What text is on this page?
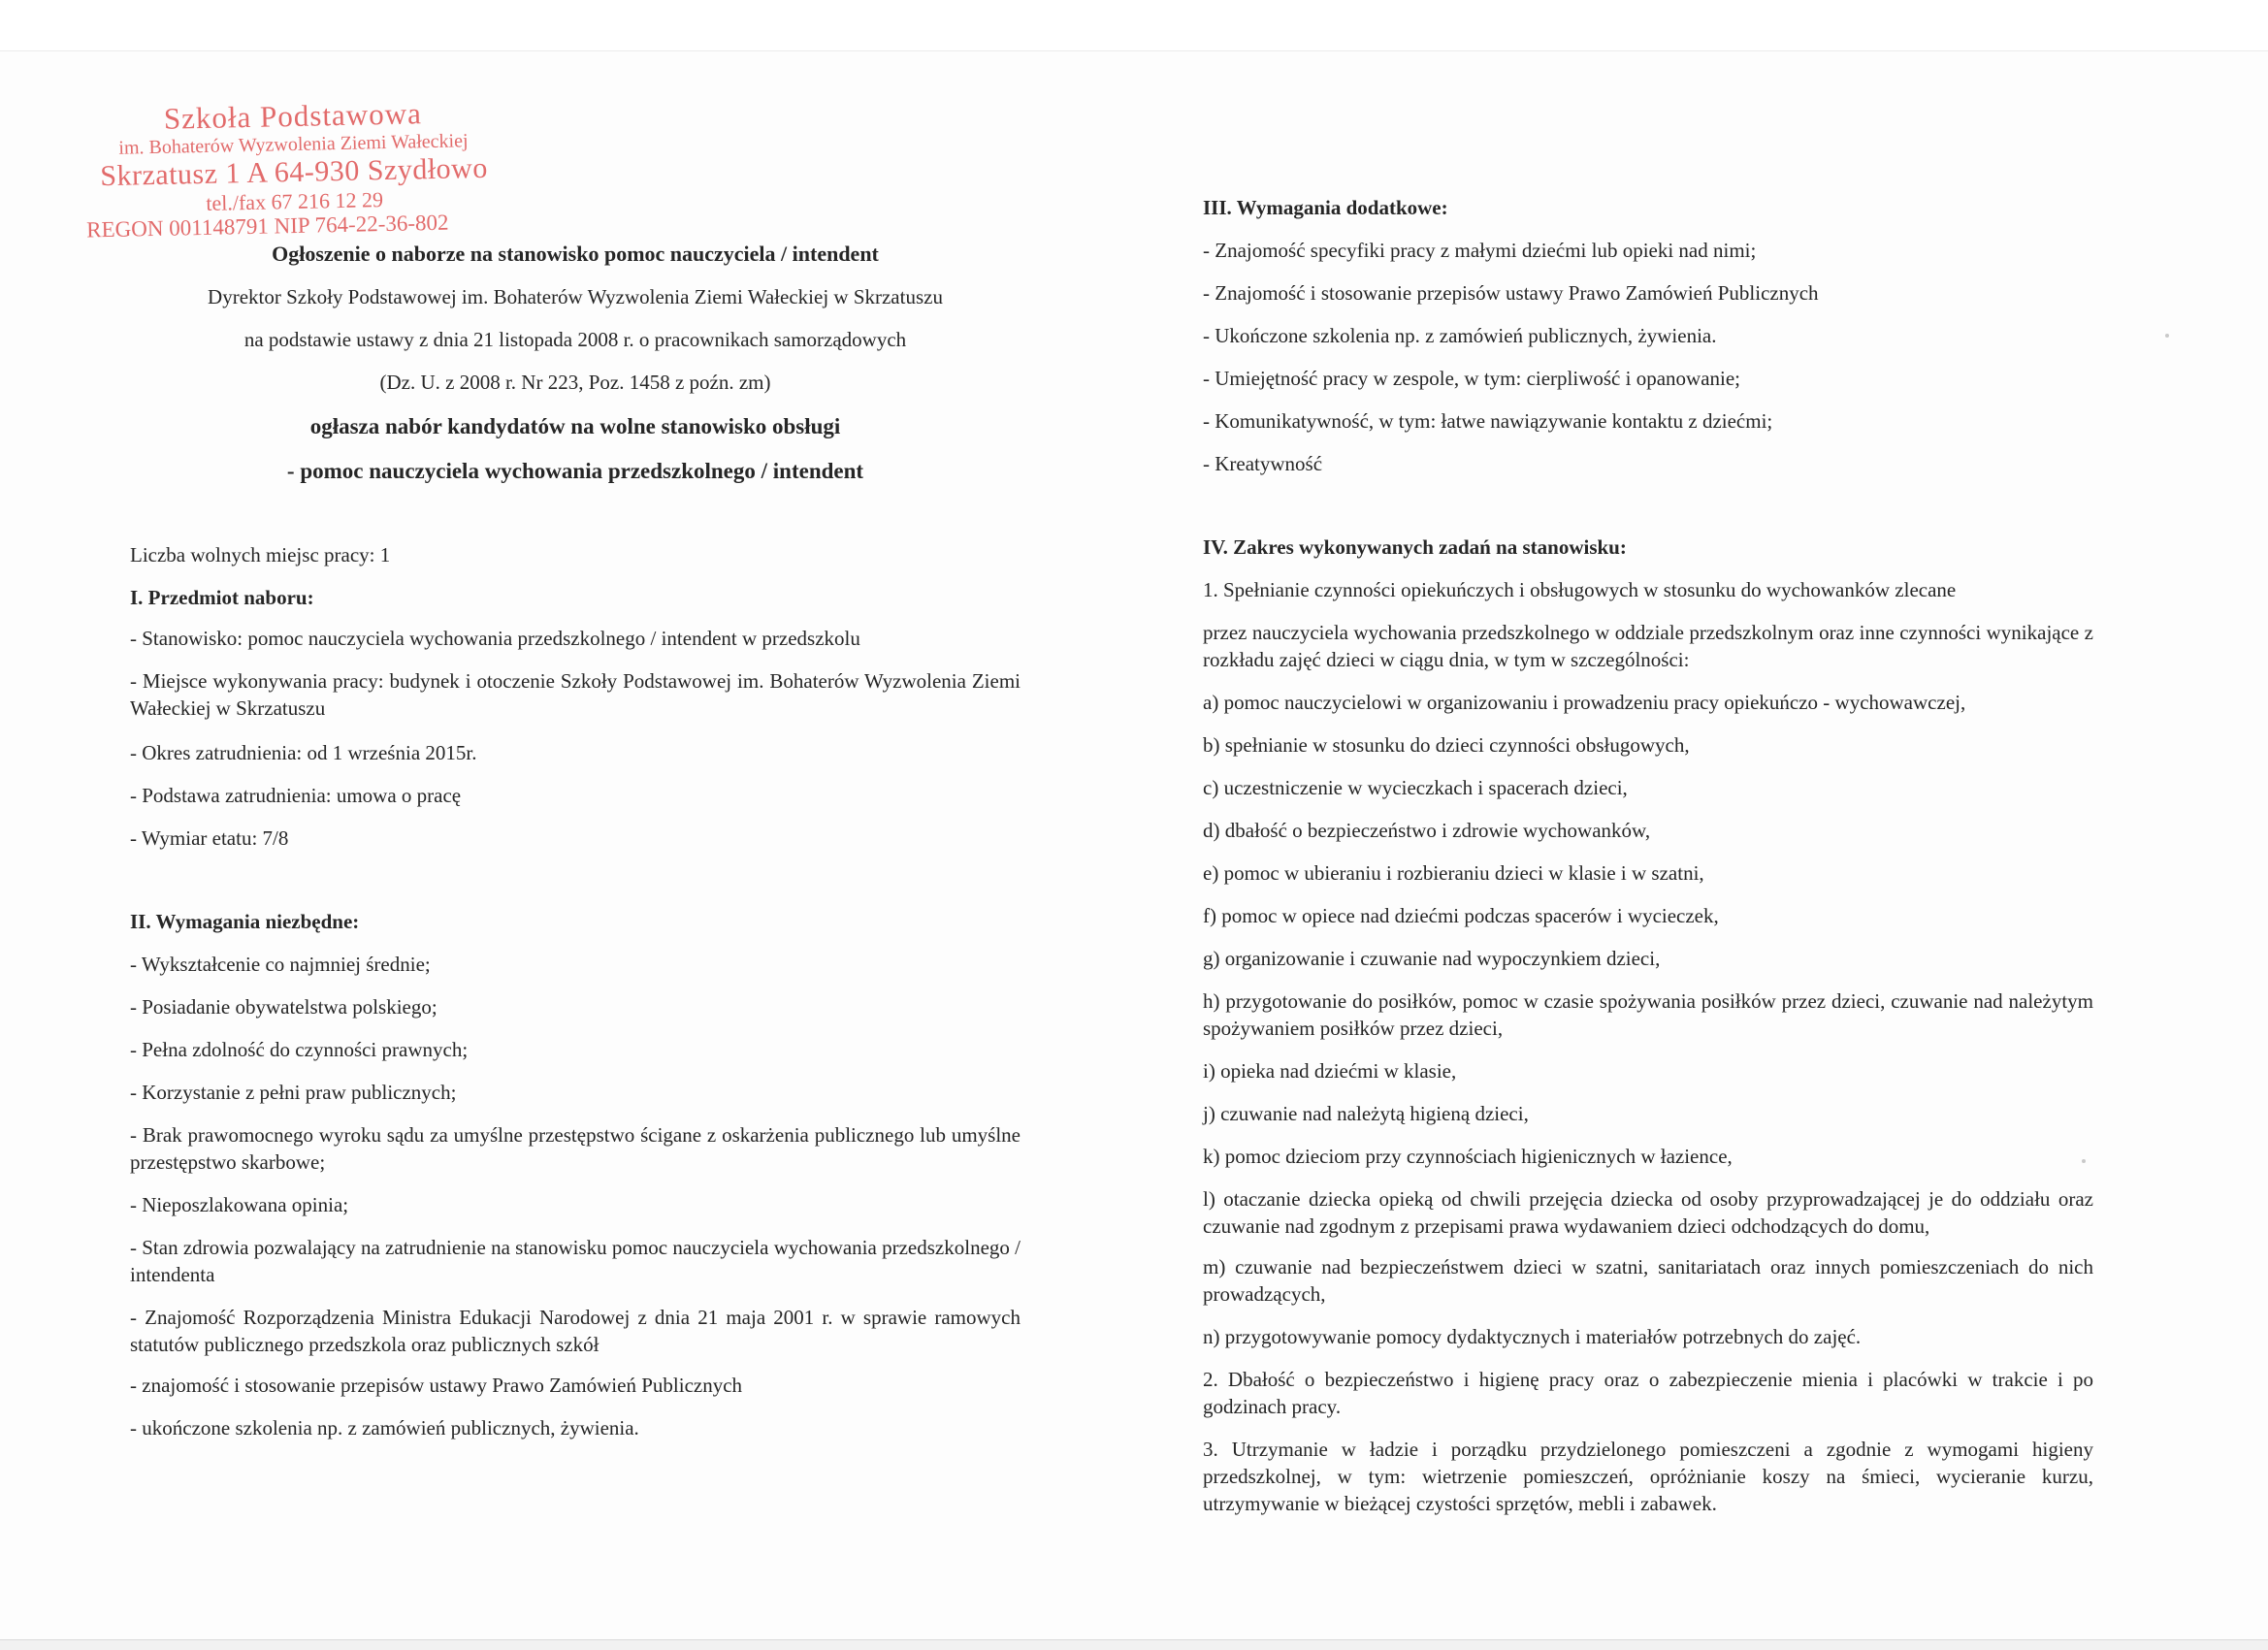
Szkoła Podstawowa
im. Bohaterów Wyzwolenia Ziemi Wałeckiej
Skrzatusz 1 A 64-930 Szydłowo
tel./fax 67 216 12 29
REGON 001148791 NIP 764-22-36-802
Ogłoszenie o naborze na stanowisko pomoc nauczyciela / intendent
Dyrektor Szkoły Podstawowej im. Bohaterów Wyzwolenia Ziemi Wałeckiej w Skrzatuszu
na podstawie ustawy z dnia 21 listopada 2008 r. o pracownikach samorządowych
(Dz. U. z 2008 r. Nr 223, Poz. 1458 z poźn. zm)
ogłasza nabór kandydatów na wolne stanowisko obsługi
- pomoc nauczyciela wychowania przedszkolnego / intendent
Liczba wolnych miejsc pracy: 1
I. Przedmiot naboru:
- Stanowisko: pomoc nauczyciela wychowania przedszkolnego / intendent w przedszkolu
- Miejsce wykonywania pracy: budynek i otoczenie Szkoły Podstawowej im. Bohaterów Wyzwolenia Ziemi Wałeckiej w Skrzatuszu
- Okres zatrudnienia: od 1 września 2015r.
- Podstawa zatrudnienia: umowa o pracę
- Wymiar etatu: 7/8
II. Wymagania niezbędne:
- Wykształcenie co najmniej średnie;
- Posiadanie obywatelstwa polskiego;
- Pełna zdolność do czynności prawnych;
- Korzystanie z pełni praw publicznych;
- Brak prawomocnego wyroku sądu za umyślne przestępstwo ścigane z oskarżenia publicznego lub umyślne przestępstwo skarbowe;
- Nieposzlakowana opinia;
- Stan zdrowia pozwalający na zatrudnienie na stanowisku pomoc nauczyciela wychowania przedszkolnego / intendenta
- Znajomość Rozporządzenia Ministra Edukacji Narodowej z dnia 21 maja 2001 r. w sprawie ramowych statutów publicznego przedszkola oraz publicznych szkół
- znajomość i stosowanie przepisów ustawy Prawo Zamówień Publicznych
- ukończone szkolenia np. z zamówień publicznych, żywienia.
III. Wymagania dodatkowe:
- Znajomość specyfiki pracy z małymi dziećmi lub opieki nad nimi;
- Znajomość i stosowanie przepisów ustawy Prawo Zamówień Publicznych
- Ukończone szkolenia np. z zamówień publicznych, żywienia.
- Umiejętność pracy w zespole, w tym: cierpliwość i opanowanie;
- Komunikatywność, w tym: łatwe nawiązywanie kontaktu z dziećmi;
- Kreatywność
IV. Zakres wykonywanych zadań na stanowisku:
1. Spełnianie czynności opiekuńczych i obsługowych w stosunku do wychowanków zlecane
przez nauczyciela wychowania przedszkolnego w oddziale przedszkolnym oraz inne czynności wynikające z rozkładu zajęć dzieci w ciągu dnia, w tym w szczególności:
a) pomoc nauczycielowi w organizowaniu i prowadzeniu pracy opiekuńczo - wychowawczej,
b) spełnianie w stosunku do dzieci czynności obsługowych,
c) uczestniczenie w wycieczkach i spacerach dzieci,
d) dbałość o bezpieczeństwo i zdrowie wychowanków,
e) pomoc w ubieraniu i rozbieraniu dzieci w klasie i w szatni,
f) pomoc w opiece nad dziećmi podczas spacerów i wycieczek,
g) organizowanie i czuwanie nad wypoczynkiem dzieci,
h) przygotowanie do posiłków, pomoc w czasie spożywania posiłków przez dzieci, czuwanie nad należytym spożywaniem posiłków przez dzieci,
i) opieka nad dziećmi w klasie,
j) czuwanie nad należytą higieną dzieci,
k) pomoc dzieciom przy czynnościach higienicznych w łazience,
l) otaczanie dziecka opieką od chwili przejęcia dziecka od osoby przyprowadzającej je do oddziału oraz czuwanie nad zgodnym z przepisami prawa wydawaniem dzieci odchodzących do domu,
m) czuwanie nad bezpieczeństwem dzieci w szatni, sanitariatach oraz innych pomieszczeniach do nich prowadzących,
n) przygotowywanie pomocy dydaktycznych i materiałów potrzebnych do zajęć.
2. Dbałość o bezpieczeństwo i higienę pracy oraz o zabezpieczenie mienia i placówki w trakcie i po godzinach pracy.
3. Utrzymanie w ładzie i porządku przydzielonego pomieszczeni a zgodnie z wymogami higieny przedszkolnej, w tym: wietrzenie pomieszczeń, opróżnianie koszy na śmieci, wycieranie kurzu, utrzymywanie w bieżącej czystości sprzętów, mebli i zabawek.
